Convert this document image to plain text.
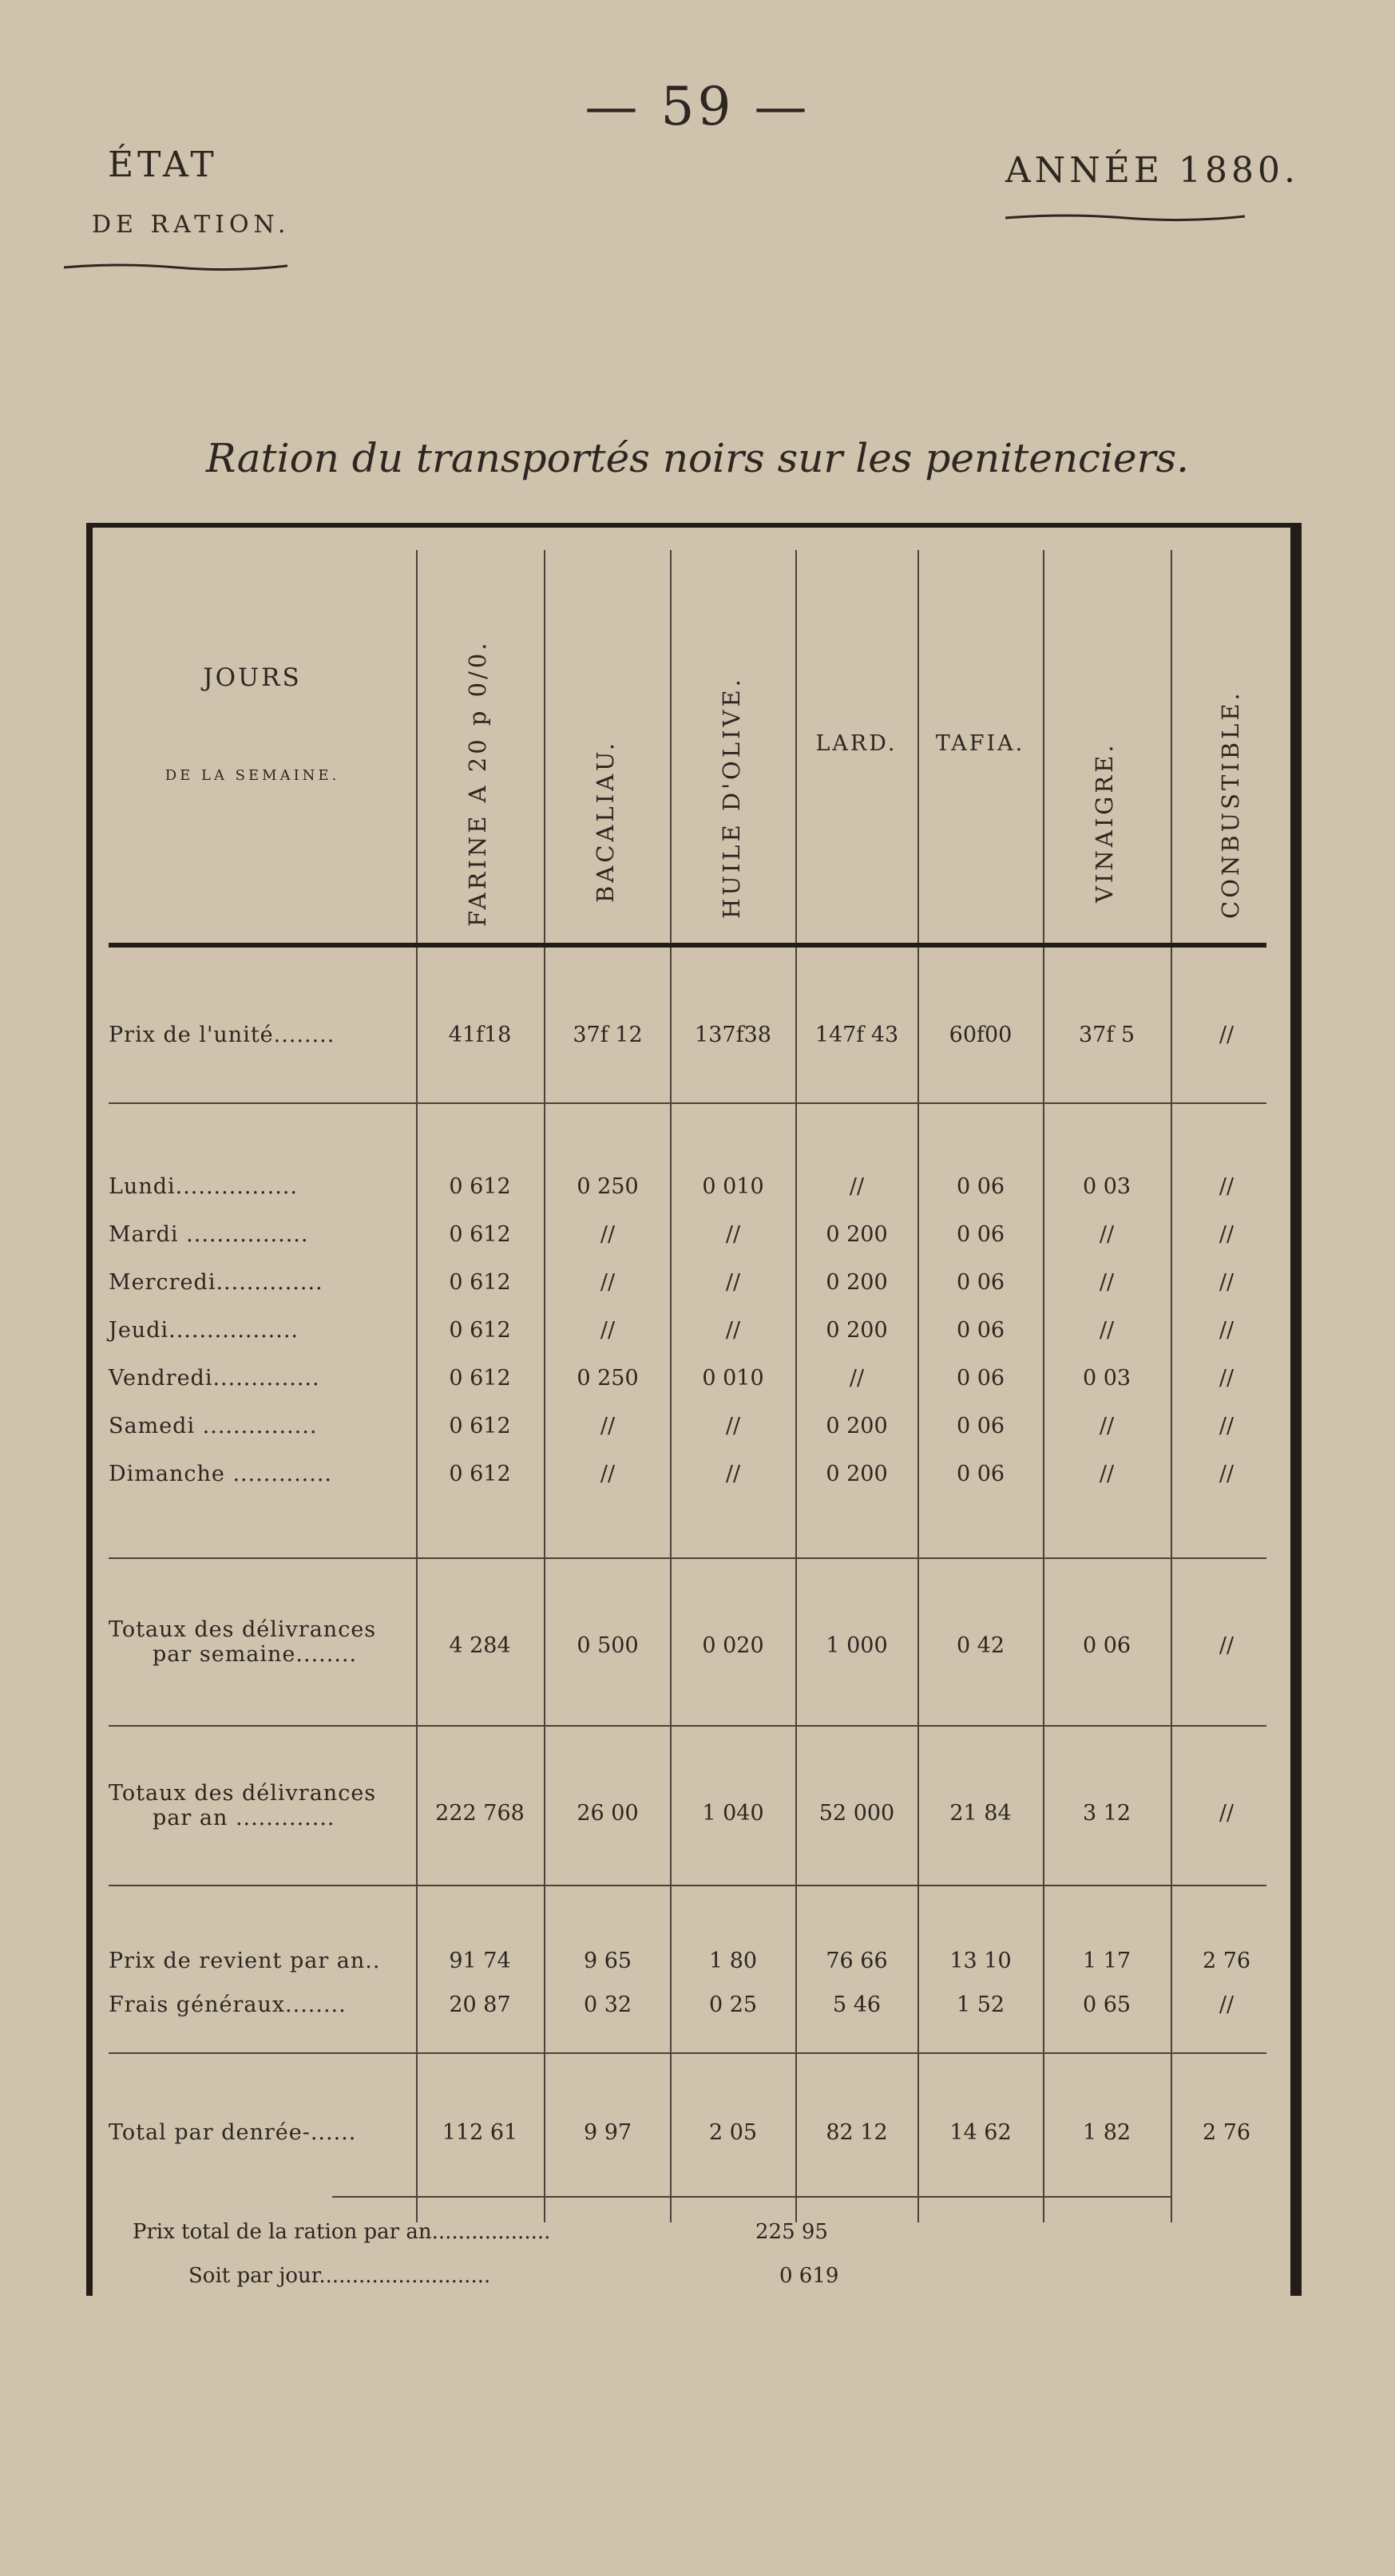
— 59 —
ÉTAT
DE RATION.
ANNÉE 1880.
Ration du transportés noirs sur les penitenciers.
JOURS
DE LA SEMAINE.	FARINE A 20 p 0/0.	BACALIAU.	HUILE D'OLIVE.	LARD.	TAFIA.	VINAIGRE.	CONBUSTIBLE.
Prix de l'unité........	41f18	37f 12	137f38	147f 43	60f00	37f 5	//
Lundi................	0 612	0 250	0 010	//	0 06	0 03	//
Mardi ................	0 612	//	//	0 200	0 06	//	//
Mercredi..............	0 612	//	//	0 200	0 06	//	//
Jeudi.................	0 612	//	//	0 200	0 06	//	//
Vendredi..............	0 612	0 250	0 010	//	0 06	0 03	//
Samedi ...............	0 612	//	//	0 200	0 06	//	//
Dimanche .............	0 612	//	//	0 200	0 06	//	//
Totaux des délivrances
par semaine........	4 284	0 500	0 020	1 000	0 42	0 06	//
Totaux des délivrances
par an .............	222 768	26 00	1 040	52 000	21 84	3 12	//
Prix de revient par an..	91 74	9 65	1 80	76 66	13 10	1 17	2 76
Frais généraux........	20 87	0 32	0 25	5 46	1 52	0 65	//
Total par denrée-......	112 61	9 97	2 05	82 12	14 62	1 82	2 76
Prix total de la ration par an..................	225 95
Soit par jour..........................	0 619
